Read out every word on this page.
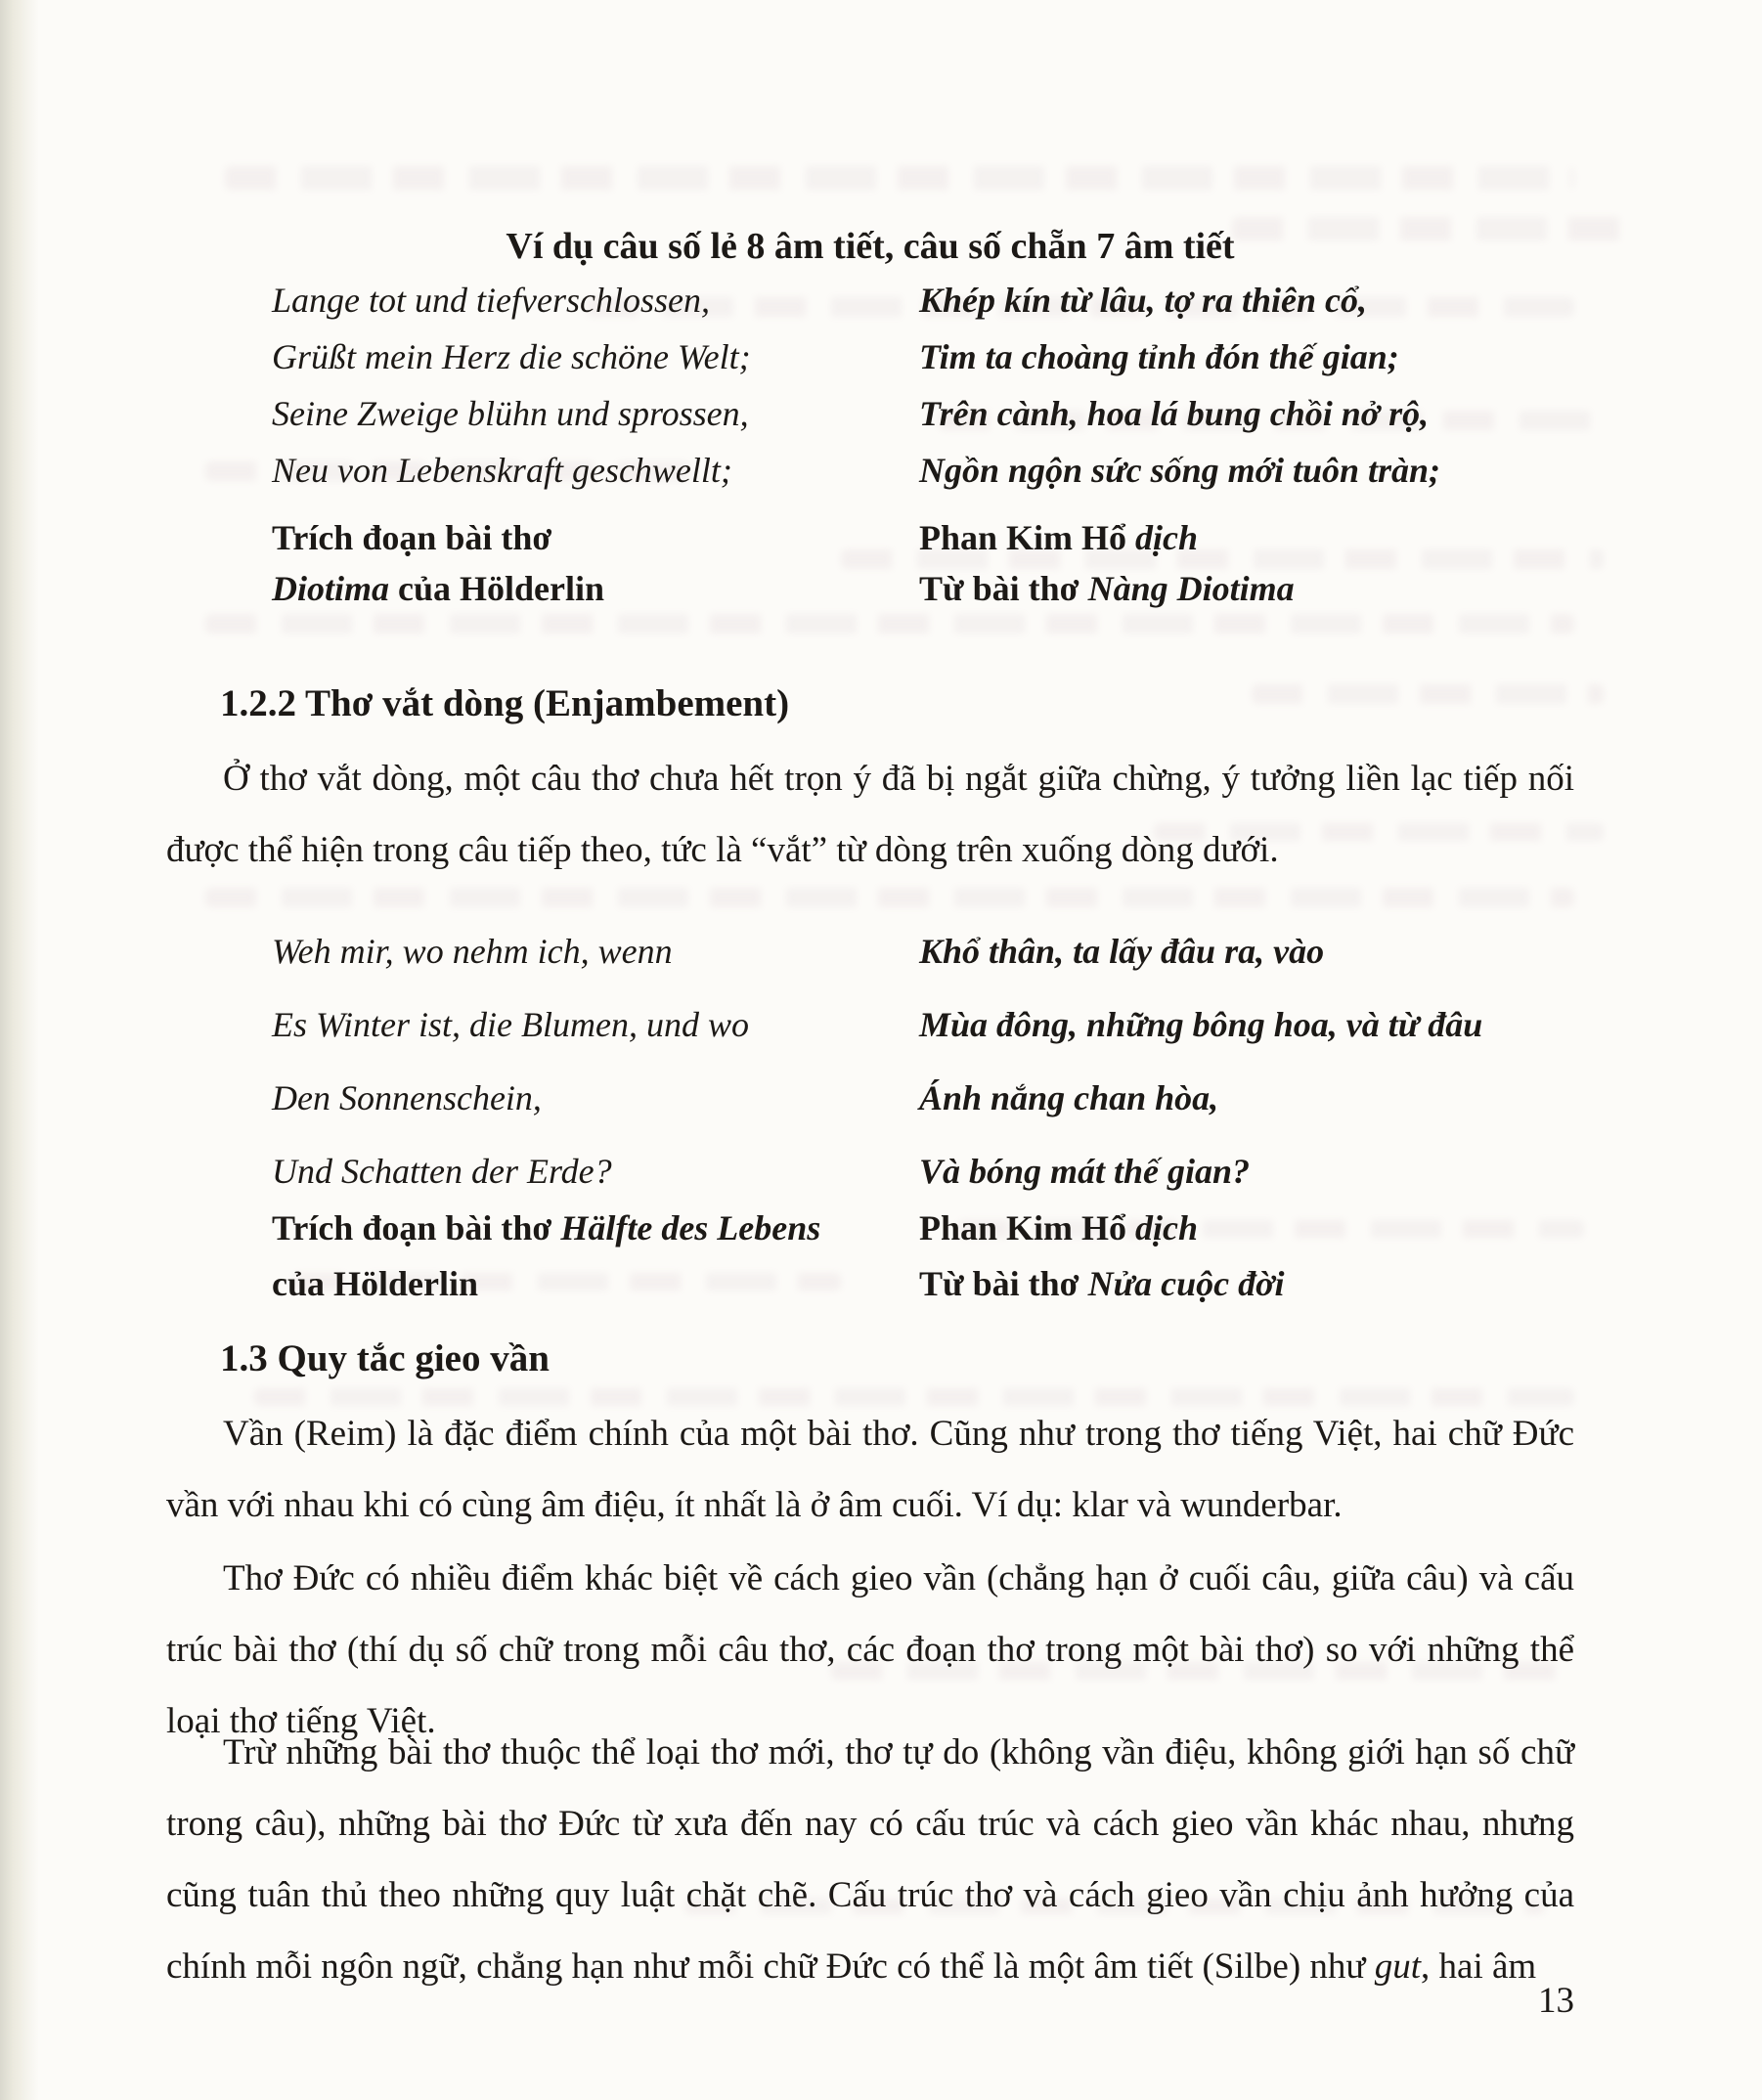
Ví dụ câu số lẻ 8 âm tiết, câu số chẵn 7 âm tiết
Lange tot und tiefverschlossen,
Grüßt mein Herz die schöne Welt;
Seine Zweige blühn und sprossen,
Neu von Lebenskraft geschwellt;
Khép kín từ lâu, tợ ra thiên cổ,
Tim ta choàng tỉnh đón thế gian;
Trên cành, hoa lá bung chồi nở rộ,
Ngồn ngộn sức sống mới tuôn tràn;
Trích đoạn bài thơ
Diotima của Hölderlin
Phan Kim Hổ dịch
Từ bài thơ Nàng Diotima
1.2.2 Thơ vắt dòng (Enjambement)
Ở thơ vắt dòng, một câu thơ chưa hết trọn ý đã bị ngắt giữa chừng, ý tưởng liền lạc tiếp nối được thể hiện trong câu tiếp theo, tức là “vắt” từ dòng trên xuống dòng dưới.
Weh mir, wo nehm ich, wenn
Es Winter ist, die Blumen, und wo
Den Sonnenschein,
Und Schatten der Erde?
Khổ thân, ta lấy đâu ra, vào
Mùa đông, những bông hoa, và từ đâu
Ánh nắng chan hòa,
Và bóng mát thế gian?
Trích đoạn bài thơ Hälfte des Lebens
của Hölderlin
Phan Kim Hổ dịch
Từ bài thơ Nửa cuộc đời
1.3 Quy tắc gieo vần
Vần (Reim) là đặc điểm chính của một bài thơ. Cũng như trong thơ tiếng Việt, hai chữ Đức vần với nhau khi có cùng âm điệu, ít nhất là ở âm cuối. Ví dụ: klar và wunderbar.
Thơ Đức có nhiều điểm khác biệt về cách gieo vần (chẳng hạn ở cuối câu, giữa câu) và cấu trúc bài thơ (thí dụ số chữ trong mỗi câu thơ, các đoạn thơ trong một bài thơ) so với những thể loại thơ tiếng Việt.
Trừ những bài thơ thuộc thể loại thơ mới, thơ tự do (không vần điệu, không giới hạn số chữ trong câu), những bài thơ Đức từ xưa đến nay có cấu trúc và cách gieo vần khác nhau, nhưng cũng tuân thủ theo những quy luật chặt chẽ. Cấu trúc thơ và cách gieo vần chịu ảnh hưởng của chính mỗi ngôn ngữ, chẳng hạn như mỗi chữ Đức có thể là một âm tiết (Silbe) như gut, hai âm
13
